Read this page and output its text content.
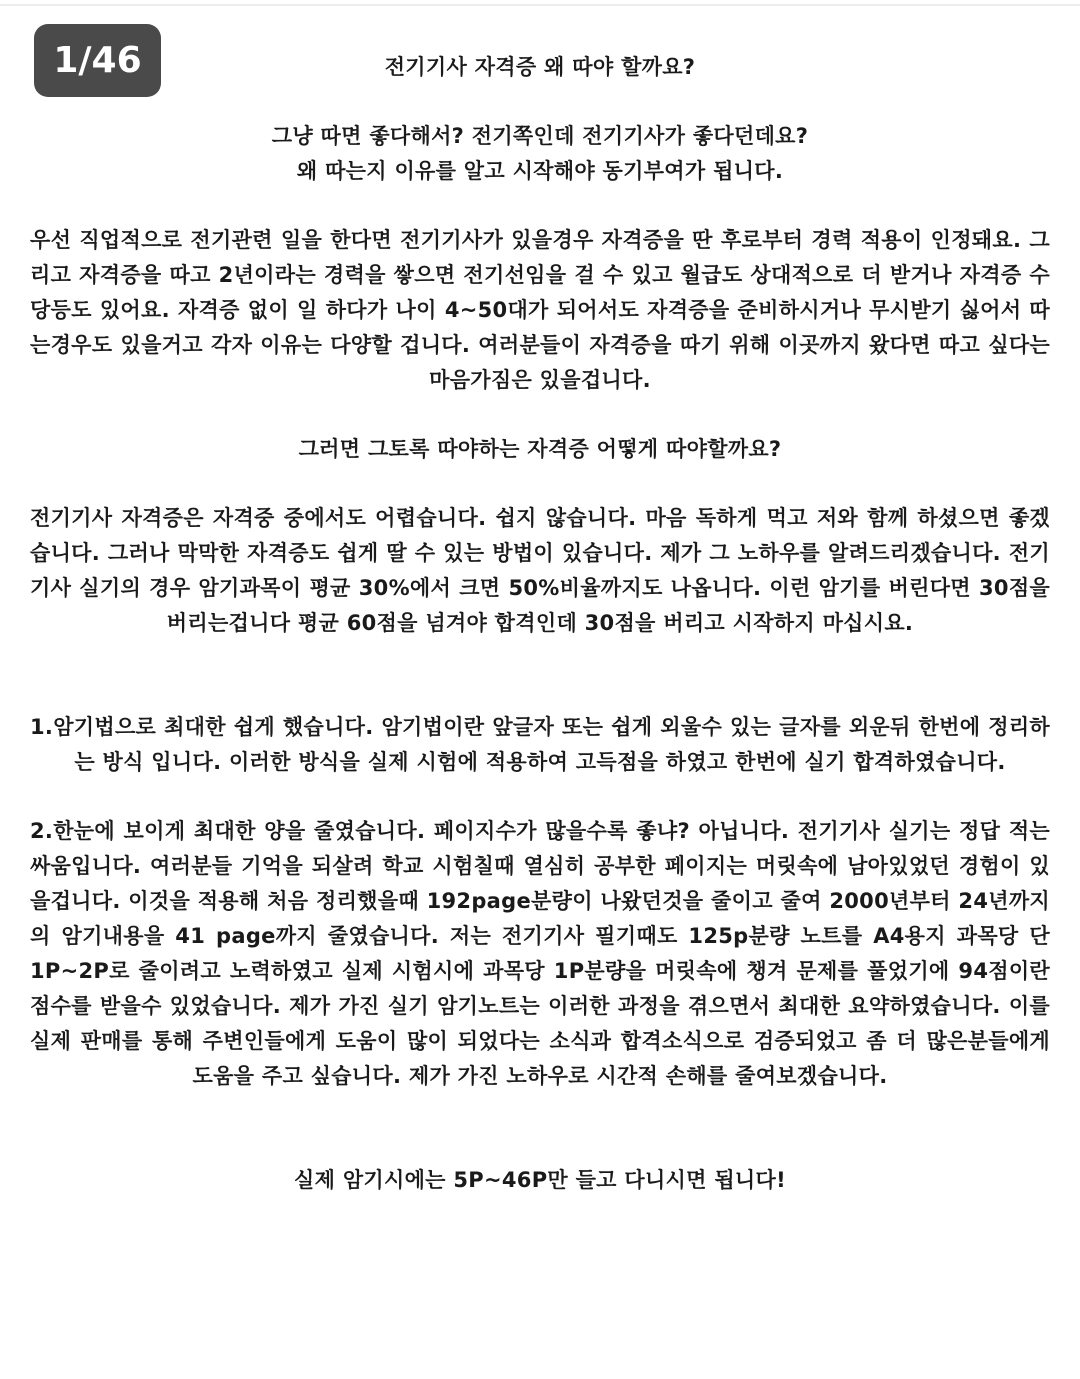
1/46	전기기사 자격증 왜 따야 할까요?

그냥 따면 좋다해서? 전기쪽인데 전기기사가 좋다던데요?

왜 따는지 이유를 알고 시작해야 동기부여가 됩니다.

우선 직업적으로 전기관련 일을 한다면 전기기사가 있을경우 자격증을 딴 후로부터 경력 적용이 인정돼요. 그리고 자격증을 따고 2년이라는 경력을 쌓으면 전기선임을 걸 수 있고 월급도 상대적으로 더 받거나 자격증 수당등도 있어요. 자격증 없이 일 하다가 나이 4~50대가 되어서도 자격증을 준비하시거나 무시받기 싫어서 따는경우도 있을거고 각자 이유는 다양할 겁니다. 여러분들이 자격증을 따기 위해 이곳까지 왔다면 따고 싶다는 마음가짐은 있을겁니다.

그러면 그토록 따야하는 자격증 어떻게 따야할까요?

전기기사 자격증은 자격중 중에서도 어렵습니다. 쉽지 않습니다. 마음 독하게 먹고 저와 함께 하셨으면 좋겠습니다. 그러나 막막한 자격증도 쉽게 딸 수 있는 방법이 있습니다. 제가 그 노하우를 알려드리겠습니다. 전기기사 실기의 경우 암기과목이 평균 30%에서 크면 50%비율까지도 나옵니다. 이런 암기를 버린다면 30점을 버리는겁니다 평균 60점을 넘겨야 합격인데 30점을 버리고 시작하지 마십시요.

1.암기법으로 최대한 쉽게 했습니다. 암기법이란 앞글자 또는 쉽게 외울수 있는 글자를 외운뒤 한번에 정리하는 방식 입니다. 이러한 방식을 실제 시험에 적용하여 고득점을 하였고 한번에 실기 합격하였습니다.

2.한눈에 보이게 최대한 양을 줄였습니다. 페이지수가 많을수록 좋냐? 아닙니다. 전기기사 실기는 정답 적는 싸움입니다. 여러분들 기억을 되살려 학교 시험칠때 열심히 공부한 페이지는 머릿속에 남아있었던 경험이 있을겁니다. 이것을 적용해 처음 정리했을때 192page분량이 나왔던것을 줄이고 줄여 2000년부터 24년까지의 암기내용을 41 page까지 줄였습니다. 저는 전기기사 필기때도 125p분량 노트를 A4용지 과목당 단 1P~2P로 줄이려고 노력하였고 실제 시험시에 과목당 1P분량을 머릿속에 챙겨 문제를 풀었기에 94점이란 점수를 받을수 있었습니다. 제가 가진 실기 암기노트는 이러한 과정을 겪으면서 최대한 요약하였습니다. 이를 실제 판매를 통해 주변인들에게 도움이 많이 되었다는 소식과 합격소식으로 검증되었고 좀 더 많은분들에게 도움을 주고 싶습니다. 제가 가진 노하우로 시간적 손해를 줄여보겠습니다.

실제 암기시에는 5P~46P만 들고 다니시면 됩니다!
